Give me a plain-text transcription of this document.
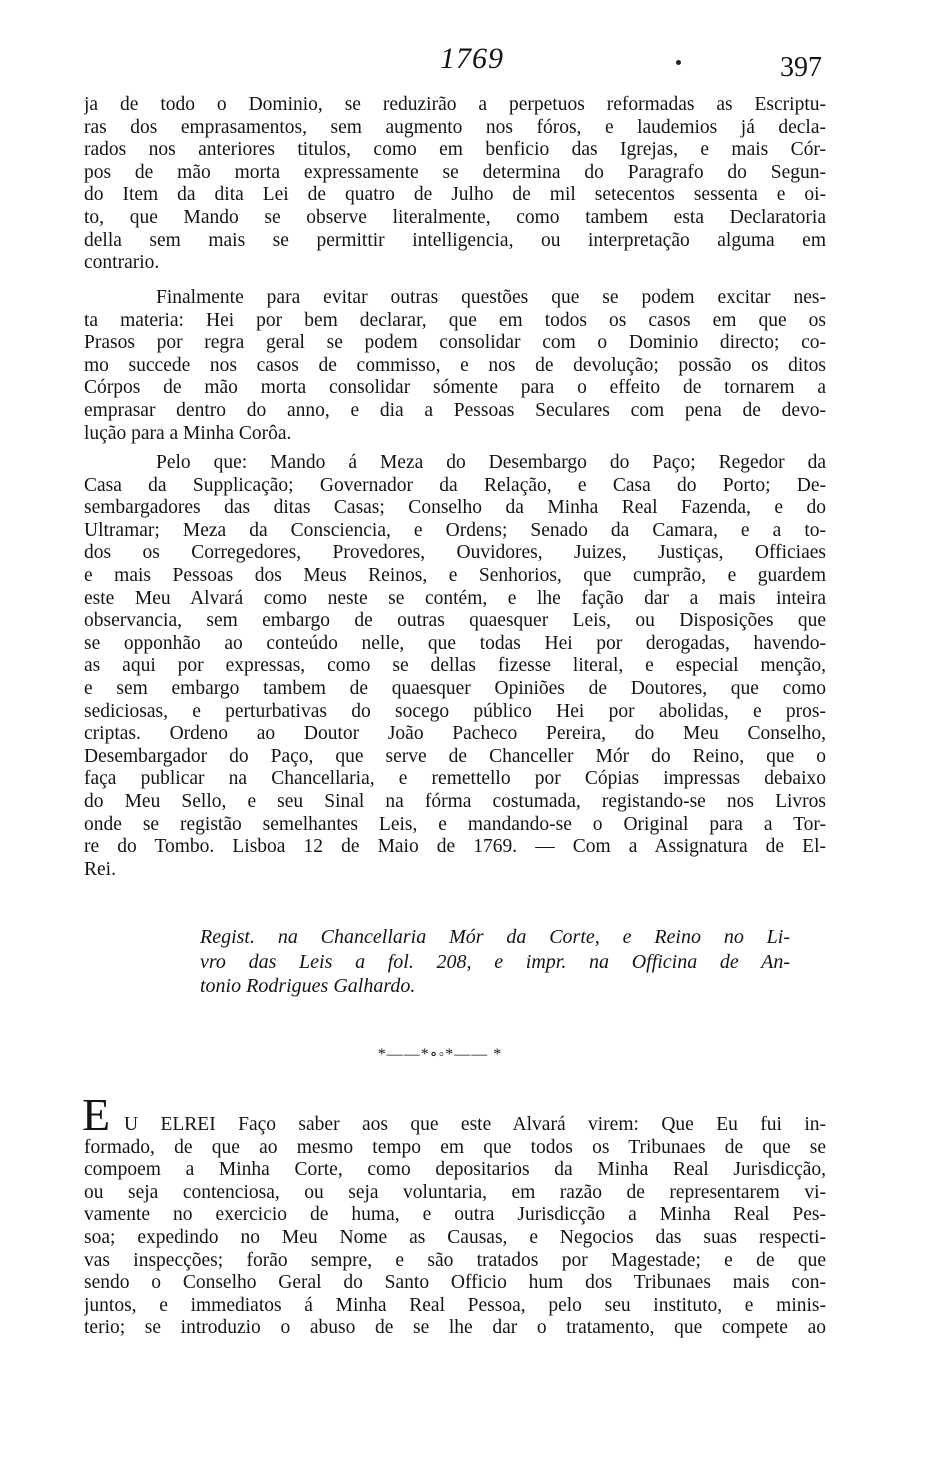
1769	397
ja de todo o Dominio, se reduzirão a perpetuos reformadas as Escriptu-
ras dos emprasamentos, sem augmento nos fóros, e laudemios já decla-
rados nos anteriores titulos, como em benficio das Igrejas, e mais Cór-
pos de mão morta expressamente se determina do Paragrafo do Segun-
do Item da dita Lei de quatro de Julho de mil setecentos sessenta e oi-
to, que Mando se observe literalmente, como tambem esta Declaratoria
della sem mais se permittir intelligencia, ou interpretação alguma em
contrario.
Finalmente para evitar outras questões que se podem excitar nes-
ta materia: Hei por bem declarar, que em todos os casos em que os
Prasos por regra geral se podem consolidar com o Dominio directo; co-
mo succede nos casos de commisso, e nos de devolução; possão os ditos
Córpos de mão morta consolidar sómente para o effeito de tornarem a
emprasar dentro do anno, e dia a Pessoas Seculares com pena de devo-
lução para a Minha Corôa.
Pelo que: Mando á Meza do Desembargo do Paço; Regedor da
Casa da Supplicação; Governador da Relação, e Casa do Porto; De-
sembargadores das ditas Casas; Conselho da Minha Real Fazenda, e do
Ultramar; Meza da Consciencia, e Ordens; Senado da Camara, e a to-
dos os Corregedores, Provedores, Ouvidores, Juizes, Justiças, Officiaes
e mais Pessoas dos Meus Reinos, e Senhorios, que cumprão, e guardem
este Meu Alvará como neste se contém, e lhe fação dar a mais inteira
observancia, sem embargo de outras quaesquer Leis, ou Disposições que
se opponhão ao conteúdo nelle, que todas Hei por derogadas, havendo-
as aqui por expressas, como se dellas fizesse literal, e especial menção,
e sem embargo tambem de quaesquer Opiniões de Doutores, que como
sediciosas, e perturbativas do socego público Hei por abolidas, e pros-
criptas. Ordeno ao Doutor João Pacheco Pereira, do Meu Conselho,
Desembargador do Paço, que serve de Chanceller Mór do Reino, que o
faça publicar na Chancellaria, e remettello por Cópias impressas debaixo
do Meu Sello, e seu Sinal na fórma costumada, registando-se nos Livros
onde se registão semelhantes Leis, e mandando-se o Original para a Tor-
re do Tombo. Lisboa 12 de Maio de 1769. — Com a Assignatura de El-
Rei.
Regist. na Chancellaria Mór da Corte, e Reino no Li-
vro das Leis a fol. 208, e impr. na Officina de An-
tonio Rodrigues Galhardo.
*——*∘◦*—— *
E U ELREI Faço saber aos que este Alvará virem: Que Eu fui in-
formado, de que ao mesmo tempo em que todos os Tribunaes de que se
compoem a Minha Corte, como depositarios da Minha Real Jurisdicção,
ou seja contenciosa, ou seja voluntaria, em razão de representarem vi-
vamente no exercicio de huma, e outra Jurisdicção a Minha Real Pes-
soa; expedindo no Meu Nome as Causas, e Negocios das suas respecti-
vas inspecções; forão sempre, e são tratados por Magestade; e de que
sendo o Conselho Geral do Santo Officio hum dos Tribunaes mais con-
juntos, e immediatos á Minha Real Pessoa, pelo seu instituto, e minis-
terio; se introduzio o abuso de se lhe dar o tratamento, que compete ao
